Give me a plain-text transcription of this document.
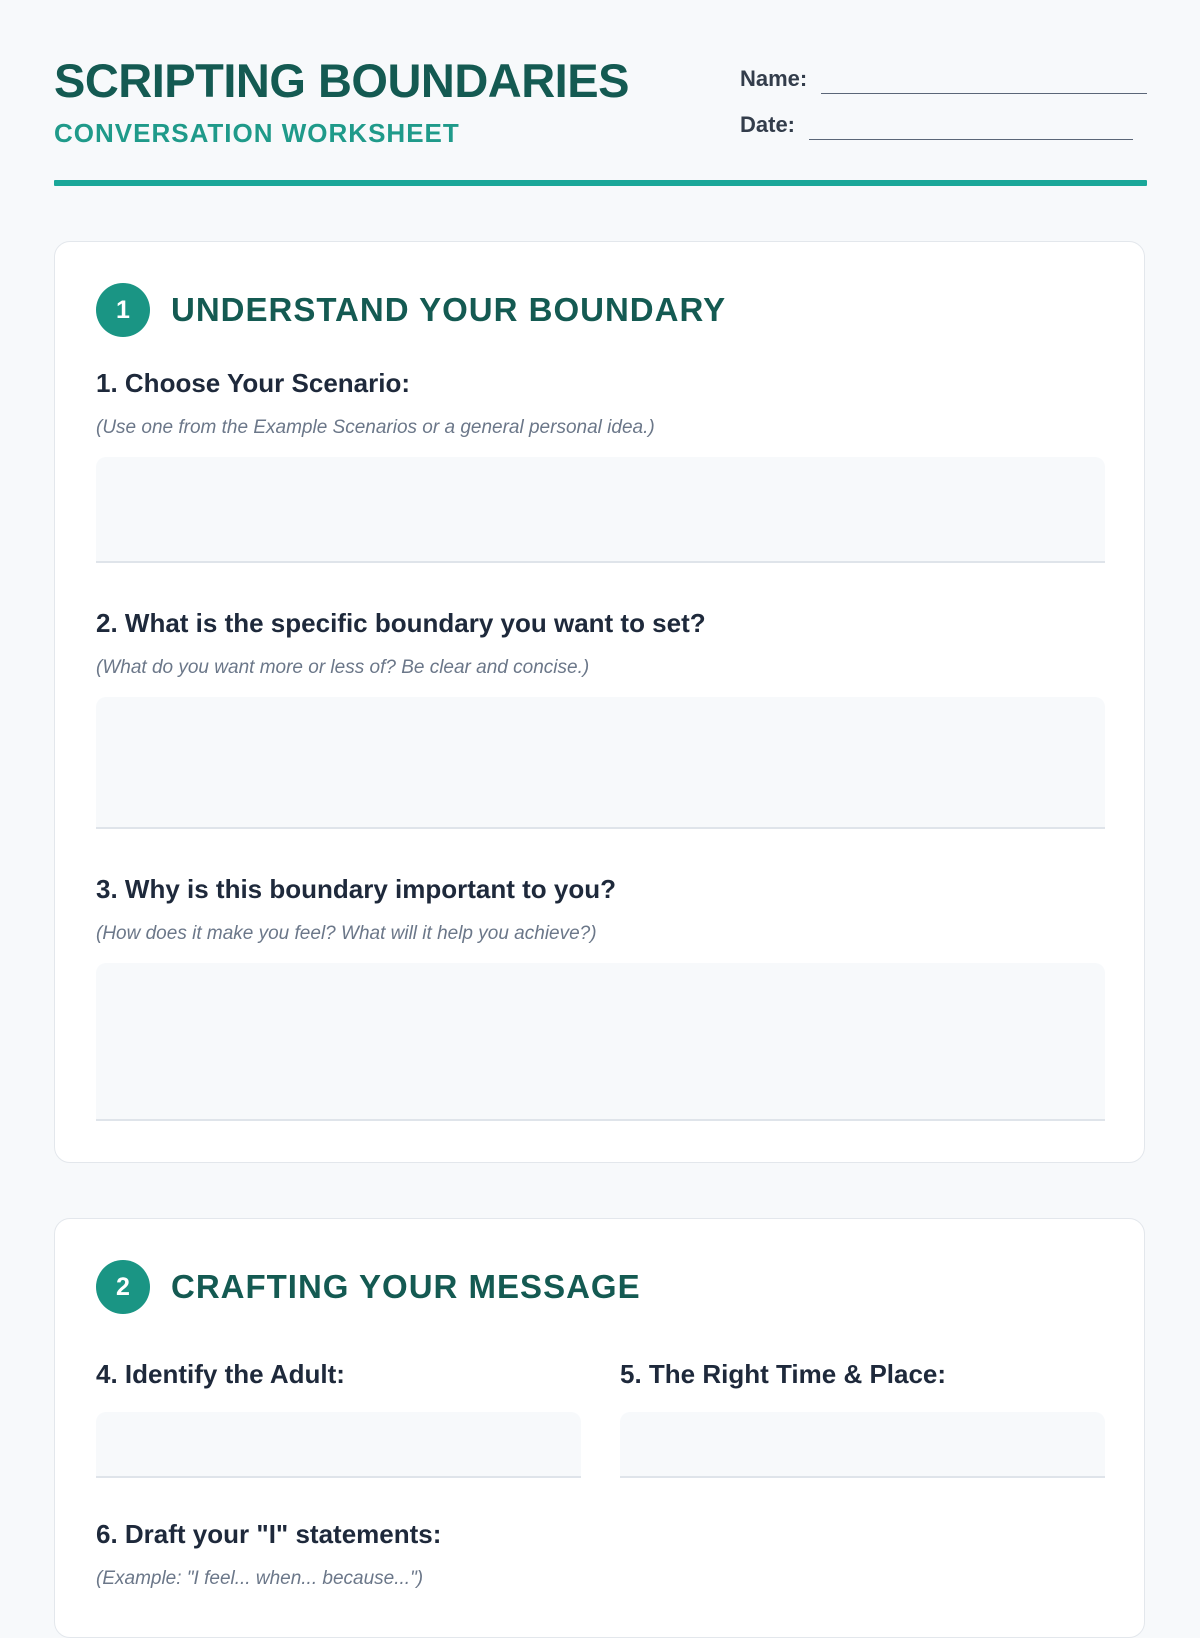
SCRIPTING BOUNDARIES
CONVERSATION WORKSHEET
Name:
Date:
1	UNDERSTAND YOUR BOUNDARY
1. Choose Your Scenario:
(Use one from the Example Scenarios or a general personal idea.)
2. What is the specific boundary you want to set?
(What do you want more or less of? Be clear and concise.)
3. Why is this boundary important to you?
(How does it make you feel? What will it help you achieve?)
2	CRAFTING YOUR MESSAGE
4. Identify the Adult:	5. The Right Time & Place:
6. Draft your "I" statements:
(Example: "I feel... when... because...")
